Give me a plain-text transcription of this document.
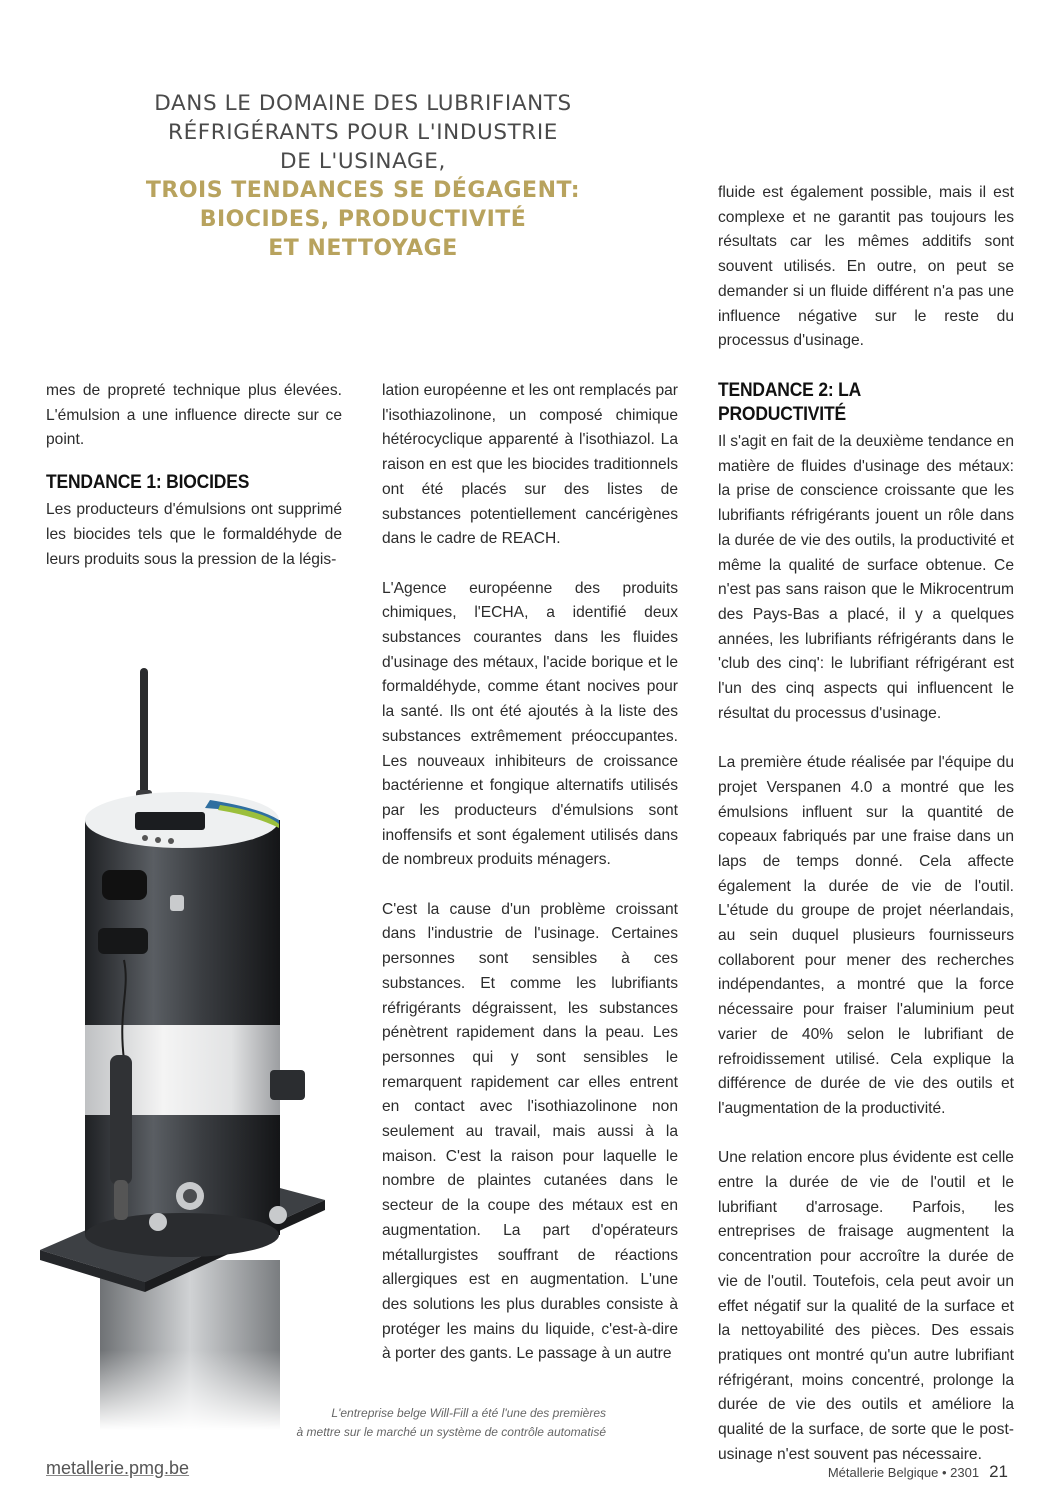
DANS LE DOMAINE DES LUBRIFIANTS
RÉFRIGÉRANTS POUR L'INDUSTRIE
DE L'USINAGE,
TROIS TENDANCES SE DÉGAGENT:
BIOCIDES, PRODUCTIVITÉ
ET NETTOYAGE

mes de propreté technique plus élevées. L'émulsion a une influence directe sur ce point.

TENDANCE 1: BIOCIDES

Les producteurs d'émulsions ont supprimé les biocides tels que le formaldéhyde de leurs produits sous la pression de la légis-

lation européenne et les ont remplacés par l'isothiazolinone, un composé chimique hétérocyclique apparenté à l'isothiazol. La raison en est que les biocides traditionnels ont été placés sur des listes de substances potentiellement cancérigènes dans le cadre de REACH.

L'Agence européenne des produits chimiques, l'ECHA, a identifié deux substances courantes dans les fluides d'usinage des métaux, l'acide borique et le formaldéhyde, comme étant nocives pour la santé. Ils ont été ajoutés à la liste des substances extrêmement préoccupantes. Les nouveaux inhibiteurs de croissance bactérienne et fongique alternatifs utilisés par les producteurs d'émulsions sont inoffensifs et sont également utilisés dans de nombreux produits ménagers.

C'est la cause d'un problème croissant dans l'industrie de l'usinage. Certaines personnes sont sensibles à ces substances. Et comme les lubrifiants réfrigérants dégraissent, les substances pénètrent rapidement dans la peau. Les personnes qui y sont sensibles le remarquent rapidement car elles entrent en contact avec l'isothiazolinone non seulement au travail, mais aussi à la maison. C'est la raison pour laquelle le nombre de plaintes cutanées dans le secteur de la coupe des métaux est en augmentation. La part d'opérateurs métallurgistes souffrant de réactions allergiques est en augmentation. L'une des solutions les plus durables consiste à protéger les mains du liquide, c'est-à-dire à porter des gants. Le passage à un autre

fluide est également possible, mais il est complexe et ne garantit pas toujours les résultats car les mêmes additifs sont souvent utilisés. En outre, on peut se demander si un fluide différent n'a pas une influence négative sur le reste du processus d'usinage.

TENDANCE 2: LA PRODUCTIVITÉ

Il s'agit en fait de la deuxième tendance en matière de fluides d'usinage des métaux: la prise de conscience croissante que les lubrifiants réfrigérants jouent un rôle dans la durée de vie des outils, la productivité et même la qualité de surface obtenue. Ce n'est pas sans raison que le Mikrocentrum des Pays-Bas a placé, il y a quelques années, les lubrifiants réfrigérants dans le 'club des cinq': le lubrifiant réfrigérant est l'un des cinq aspects qui influencent le résultat du processus d'usinage.

La première étude réalisée par l'équipe du projet Verspanen 4.0 a montré que les émulsions influent sur la quantité de copeaux fabriqués par une fraise dans un laps de temps donné. Cela affecte également la durée de vie de l'outil. L'étude du groupe de projet néerlandais, au sein duquel plusieurs fournisseurs collaborent pour mener des recherches indépendantes, a montré que la force nécessaire pour fraiser l'aluminium peut varier de 40% selon le lubrifiant de refroidissement utilisé. Cela explique la différence de durée de vie des outils et l'augmentation de la productivité.

Une relation encore plus évidente est celle entre la durée de vie de l'outil et le lubrifiant d'arrosage. Parfois, les entreprises de fraisage augmentent la concentration pour accroître la durée de vie de l'outil. Toutefois, cela peut avoir un effet négatif sur la qualité de la surface et la nettoyabilité des pièces. Des essais pratiques ont montré qu'un autre lubrifiant réfrigérant, moins concentré, prolonge la durée de vie des outils et améliore la qualité de la surface, de sorte que le post-usinage n'est souvent pas nécessaire.

L'entreprise belge Will-Fill a été l'une des premières
à mettre sur le marché un système de contrôle automatisé
metallerie.pmg.be	Métallerie Belgique • 2301 21
